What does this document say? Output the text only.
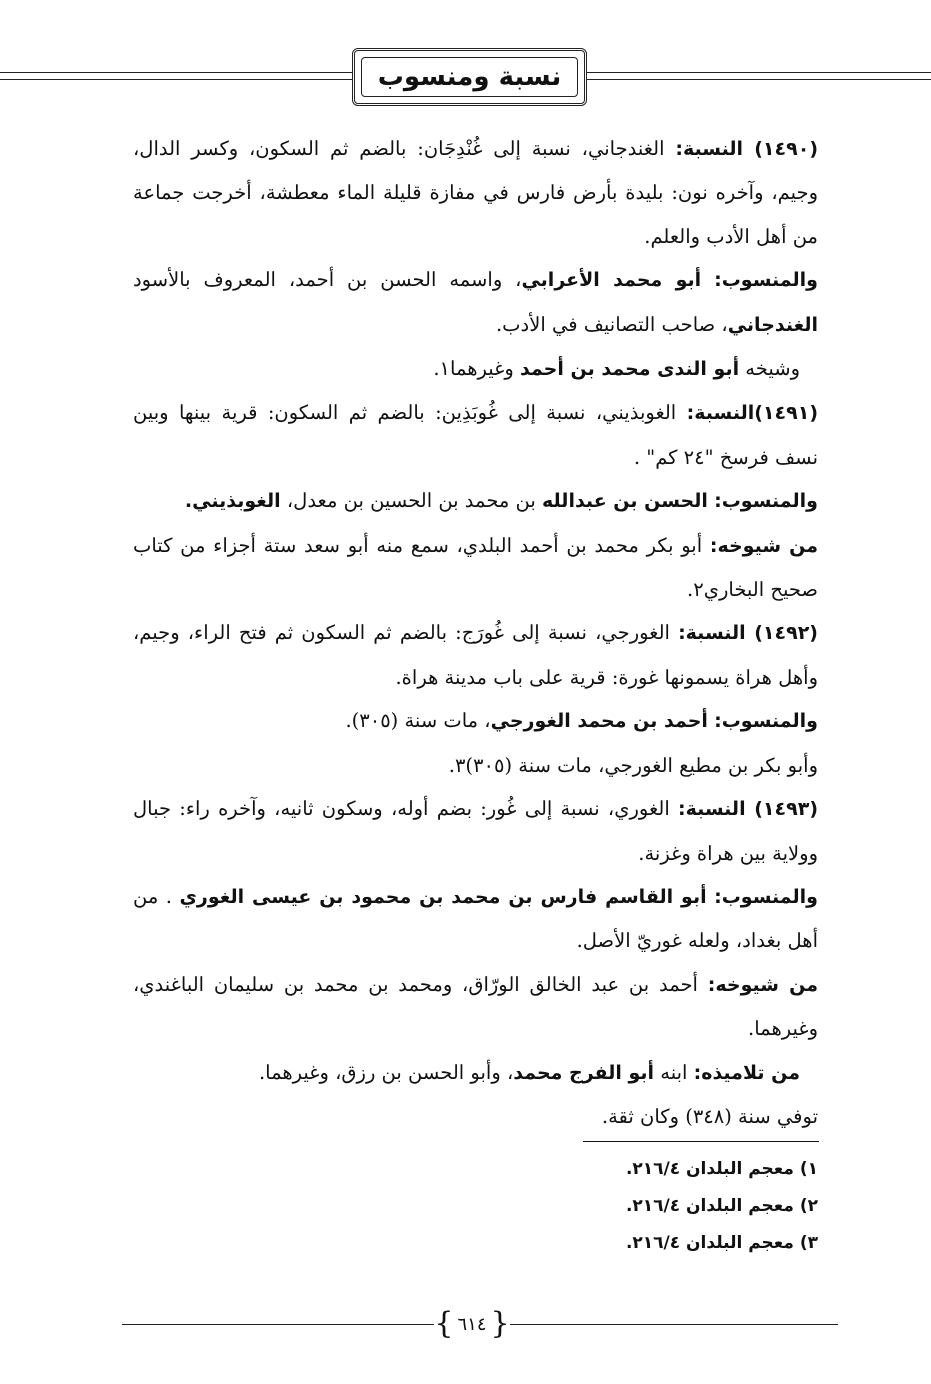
نسبة ومنسوب

(١٤٩٠) النسبة: الغندجاني، نسبة إلى غُنْدِجَان: بالضم ثم السكون، وكسر الدال، وجيم، وآخره نون: بليدة بأرض فارس في مفازة قليلة الماء معطشة، أخرجت جماعة من أهل الأدب والعلم.

والمنسوب: أبو محمد الأعرابي، واسمه الحسن بن أحمد، المعروف بالأسود الغندجاني، صاحب التصانيف في الأدب.

وشيخه أبو الندى محمد بن أحمد وغيرهما١.

(١٤٩١)النسبة: الغوبذيني، نسبة إلى غُوبَذِين: بالضم ثم السكون: قرية بينها وبين نسف فرسخ "٢٤ كم" .

والمنسوب: الحسن بن عبدالله بن محمد بن الحسين بن معدل، الغوبذيني.

من شيوخه: أبو بكر محمد بن أحمد البلدي، سمع منه أبو سعد ستة أجزاء من كتاب صحيح البخاري٢.

(١٤٩٢) النسبة: الغورجي، نسبة إلى غُورَج: بالضم ثم السكون ثم فتح الراء، وجيم، وأهل هراة يسمونها غورة: قرية على باب مدينة هراة.

والمنسوب: أحمد بن محمد الغورجي، مات سنة (٣٠٥).

وأبو بكر بن مطيع الغورجي، مات سنة (٣٠٥)٣.

(١٤٩٣) النسبة: الغوري، نسبة إلى غُور: بضم أوله، وسكون ثانيه، وآخره راء: جبال وولاية بين هراة وغزنة.

والمنسوب: أبو القاسم فارس بن محمد بن محمود بن عيسى الغوري . من أهل بغداد، ولعله غوريّ الأصل.

من شيوخه: أحمد بن عبد الخالق الورّاق، ومحمد بن محمد بن سليمان الباغندي، وغيرهما.

من تلاميذه: ابنه أبو الفرج محمد، وأبو الحسن بن رزق، وغيرهما.

توفي سنة (٣٤٨) وكان ثقة.

١) معجم البلدان ٢١٦/٤.
٢) معجم البلدان ٢١٦/٤.
٣) معجم البلدان ٢١٦/٤.
{
٦١٤
}
